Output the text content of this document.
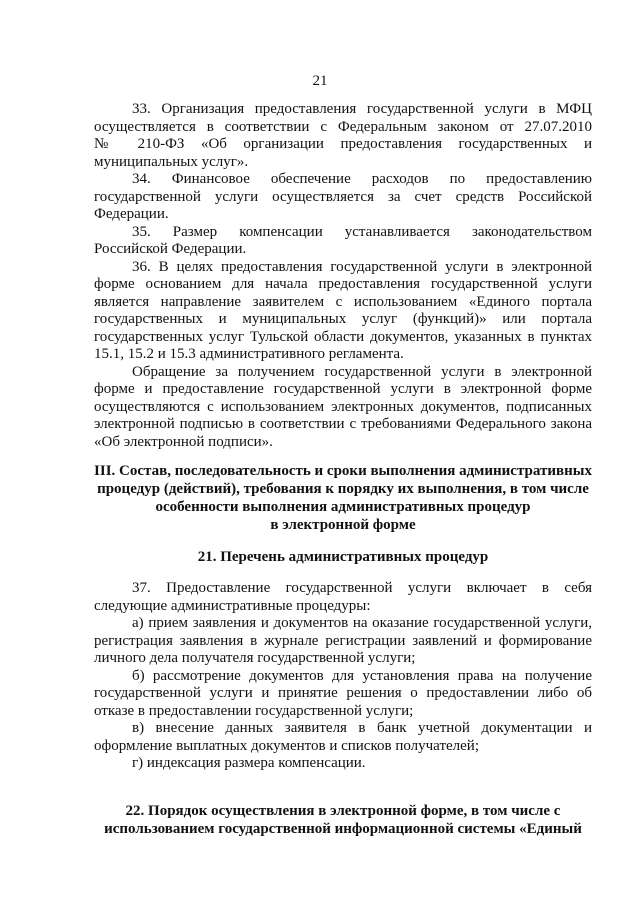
21
33. Организация предоставления государственной услуги в МФЦ
осуществляется в соответствии с Федеральным законом от 27.07.2010
№ 210-ФЗ «Об организации предоставления государственных и
муниципальных услуг».
34. Финансовое обеспечение расходов по предоставлению
государственной услуги осуществляется за счет средств Российской
Федерации.
35. Размер компенсации устанавливается законодательством
Российской Федерации.
36. В целях предоставления государственной услуги в электронной
форме основанием для начала предоставления государственной услуги
является направление заявителем с использованием «Единого портала
государственных и муниципальных услуг (функций)» или портала
государственных услуг Тульской области документов, указанных в пунктах
15.1, 15.2 и 15.3 административного регламента.
Обращение за получением государственной услуги в электронной
форме и предоставление государственной услуги в электронной форме
осуществляются с использованием электронных документов, подписанных
электронной подписью в соответствии с требованиями Федерального закона
«Об электронной подписи».
III. Состав, последовательность и сроки выполнения административных
процедур (действий), требования к порядку их выполнения, в том числе
особенности выполнения административных процедур
в электронной форме
21. Перечень административных процедур
37. Предоставление государственной услуги включает в себя
следующие административные процедуры:
а) прием заявления и документов на оказание государственной услуги,
регистрация заявления в журнале регистрации заявлений и формирование
личного дела получателя государственной услуги;
б) рассмотрение документов для установления права на получение
государственной услуги и принятие решения о предоставлении либо об
отказе в предоставлении государственной услуги;
в) внесение данных заявителя в банк учетной документации и
оформление выплатных документов и списков получателей;
г) индексация размера компенсации.
22. Порядок осуществления в электронной форме, в том числе с
использованием государственной информационной системы «Единый
